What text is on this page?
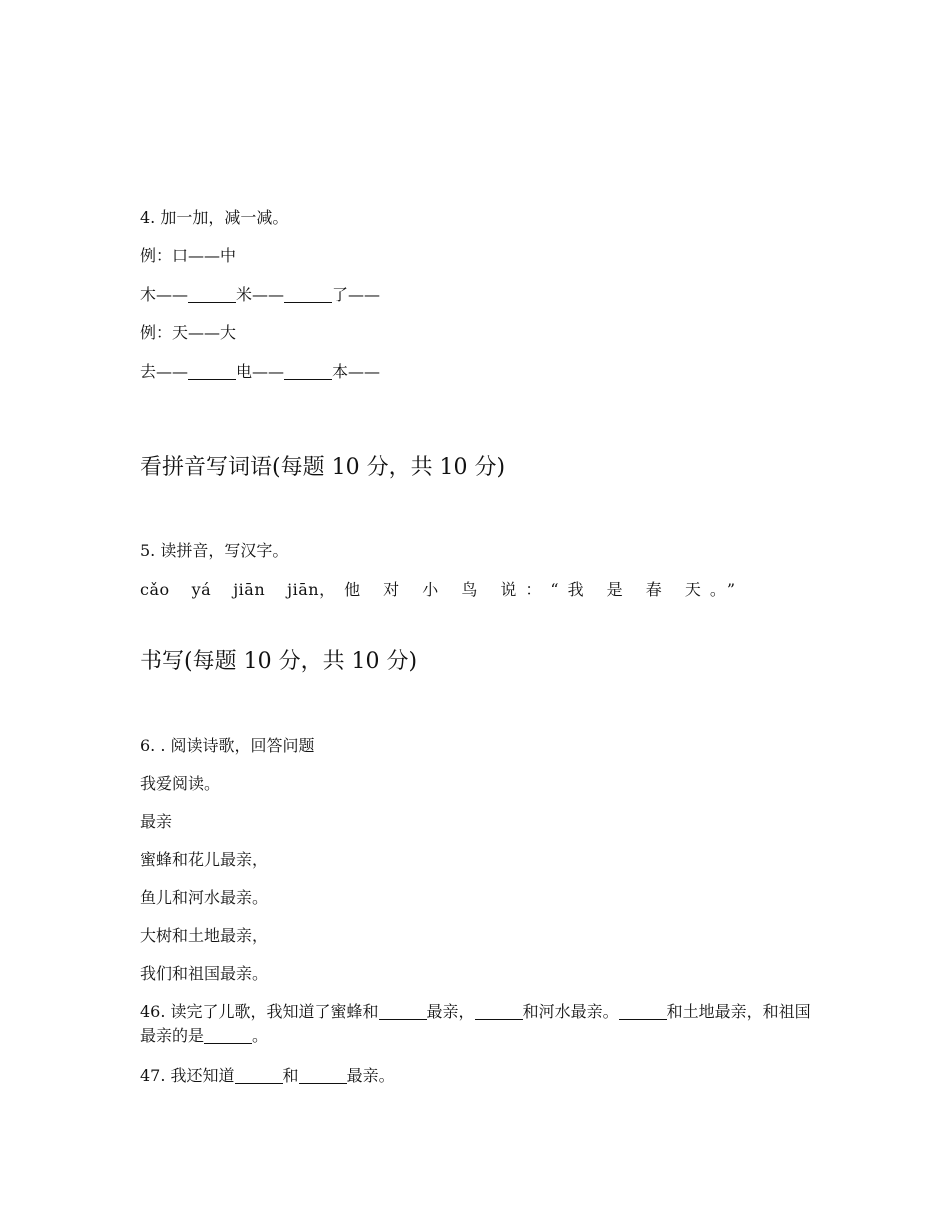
4. 加一加，减一减。
例：口——中
木——	米——	了——
例：天——大
去——	电——	本——
看拼音写词语(每题 10 分，共 10 分)
5. 读拼音，写汉字。
cǎo yá jiān jiān，他 对 小 鸟 说：“我 是 春 天。”
书写(每题 10 分，共 10 分)
6. . 阅读诗歌，回答问题
我爱阅读。
最亲
蜜蜂和花儿最亲，
鱼儿和河水最亲。
大树和土地最亲，
我们和祖国最亲。
46. 读完了儿歌，我知道了蜜蜂和	最亲，	和河水最亲。	和土地最亲，和祖国最亲的是	。
47. 我还知道	和	最亲。
